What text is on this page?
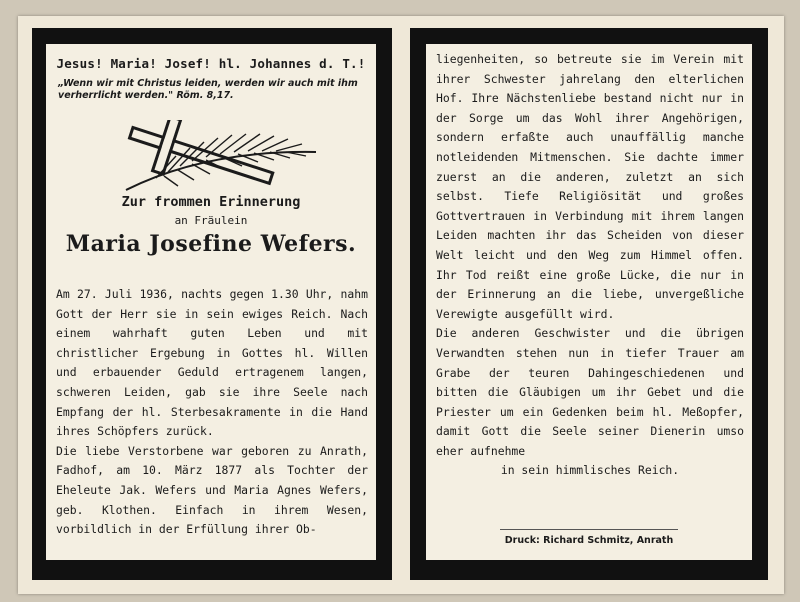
Jesus! Maria! Josef! hl. Johannes d. T.!
„Wenn wir mit Christus leiden, werden wir auch mit ihm verherrlicht werden." Röm. 8,17.
Zur frommen Erinnerung
an Fräulein
Maria Josefine Wefers.

Am 27. Juli 1936, nachts gegen 1.30 Uhr, nahm Gott der Herr sie in sein ewiges Reich. Nach einem wahrhaft guten Leben und mit christlicher Ergebung in Gottes hl. Willen und erbauender Geduld ertragenem langen, schweren Leiden, gab sie ihre Seele nach Empfang der hl. Sterbesakramente in die Hand ihres Schöpfers zurück.

Die liebe Verstorbene war geboren zu Anrath, Fadhof, am 10. März 1877 als Tochter der Eheleute Jak. Wefers und Maria Agnes Wefers, geb. Klothen. Einfach in ihrem Wesen, vorbildlich in der Erfüllung ihrer Ob-

liegenheiten, so betreute sie im Verein mit ihrer Schwester jahrelang den elterlichen Hof. Ihre Nächstenliebe bestand nicht nur in der Sorge um das Wohl ihrer Angehörigen, sondern erfaßte auch unauffällig manche notleidenden Mitmenschen. Sie dachte immer zuerst an die anderen, zuletzt an sich selbst. Tiefe Religiösität und großes Gottvertrauen in Verbindung mit ihrem langen Leiden machten ihr das Scheiden von dieser Welt leicht und den Weg zum Himmel offen. Ihr Tod reißt eine große Lücke, die nur in der Erinnerung an die liebe, unvergeßliche Verewigte ausgefüllt wird.

Die anderen Geschwister und die übrigen Verwandten stehen nun in tiefer Trauer am Grabe der teuren Dahingeschiedenen und bitten die Gläubigen um ihr Gebet und die Priester um ein Gedenken beim hl. Meßopfer, damit Gott die Seele seiner Dienerin umso eher aufnehme

in sein himmlisches Reich.

Druck: Richard Schmitz, Anrath
